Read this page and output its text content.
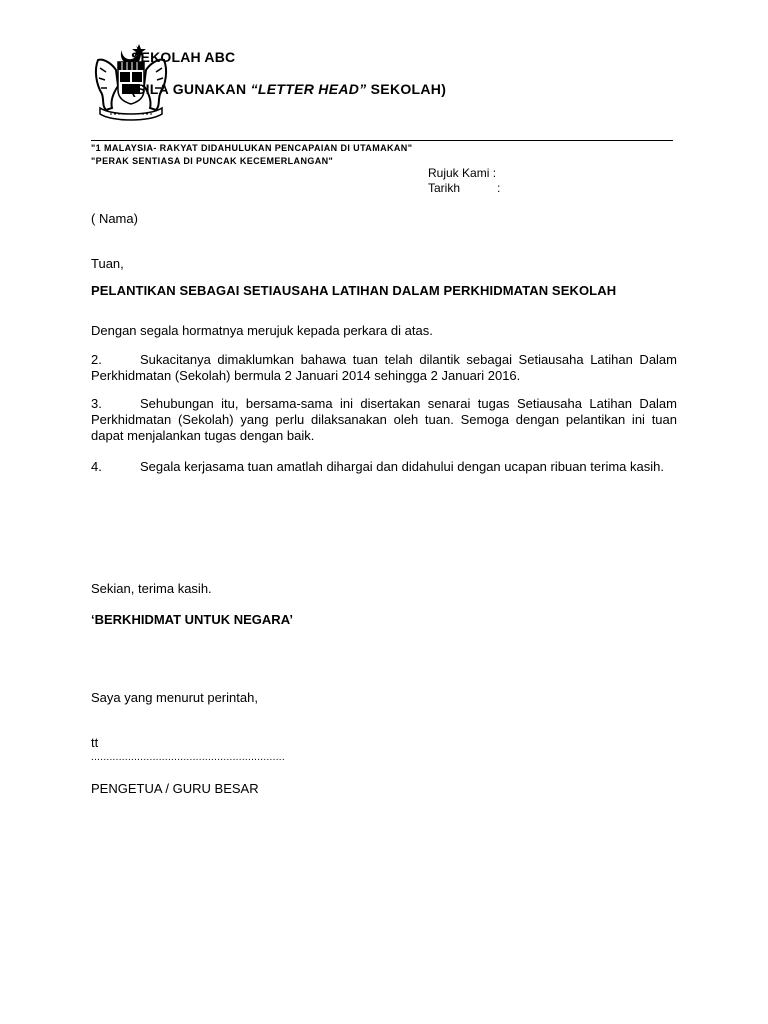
SEKOLAH ABC
(SILA GUNAKAN “LETTER HEAD” SEKOLAH)
"1 MALAYSIA- RAKYAT DIDAHULUKAN PENCAPAIAN DI UTAMAKAN"
"PERAK SENTIASA DI PUNCAK KECEMERLANGAN"
Rujuk Kami :
Tarikh	:
( Nama)
Tuan,
PELANTIKAN SEBAGAI SETIAUSAHA LATIHAN DALAM PERKHIDMATAN SEKOLAH
Dengan segala hormatnya merujuk kepada perkara di atas.
2.	Sukacitanya dimaklumkan bahawa tuan telah dilantik sebagai Setiausaha Latihan Dalam Perkhidmatan (Sekolah) bermula 2 Januari 2014 sehingga 2 Januari 2016.
3.	Sehubungan itu, bersama-sama ini disertakan senarai tugas Setiausaha Latihan Dalam Perkhidmatan (Sekolah) yang perlu dilaksanakan oleh tuan. Semoga dengan pelantikan ini tuan dapat menjalankan tugas dengan baik.
4.	Segala kerjasama tuan amatlah dihargai dan didahului dengan ucapan ribuan terima kasih.
Sekian, terima kasih.
‘BERKHIDMAT UNTUK NEGARA’
Saya yang menurut perintah,
tt
...............................................................
PENGETUA / GURU BESAR
